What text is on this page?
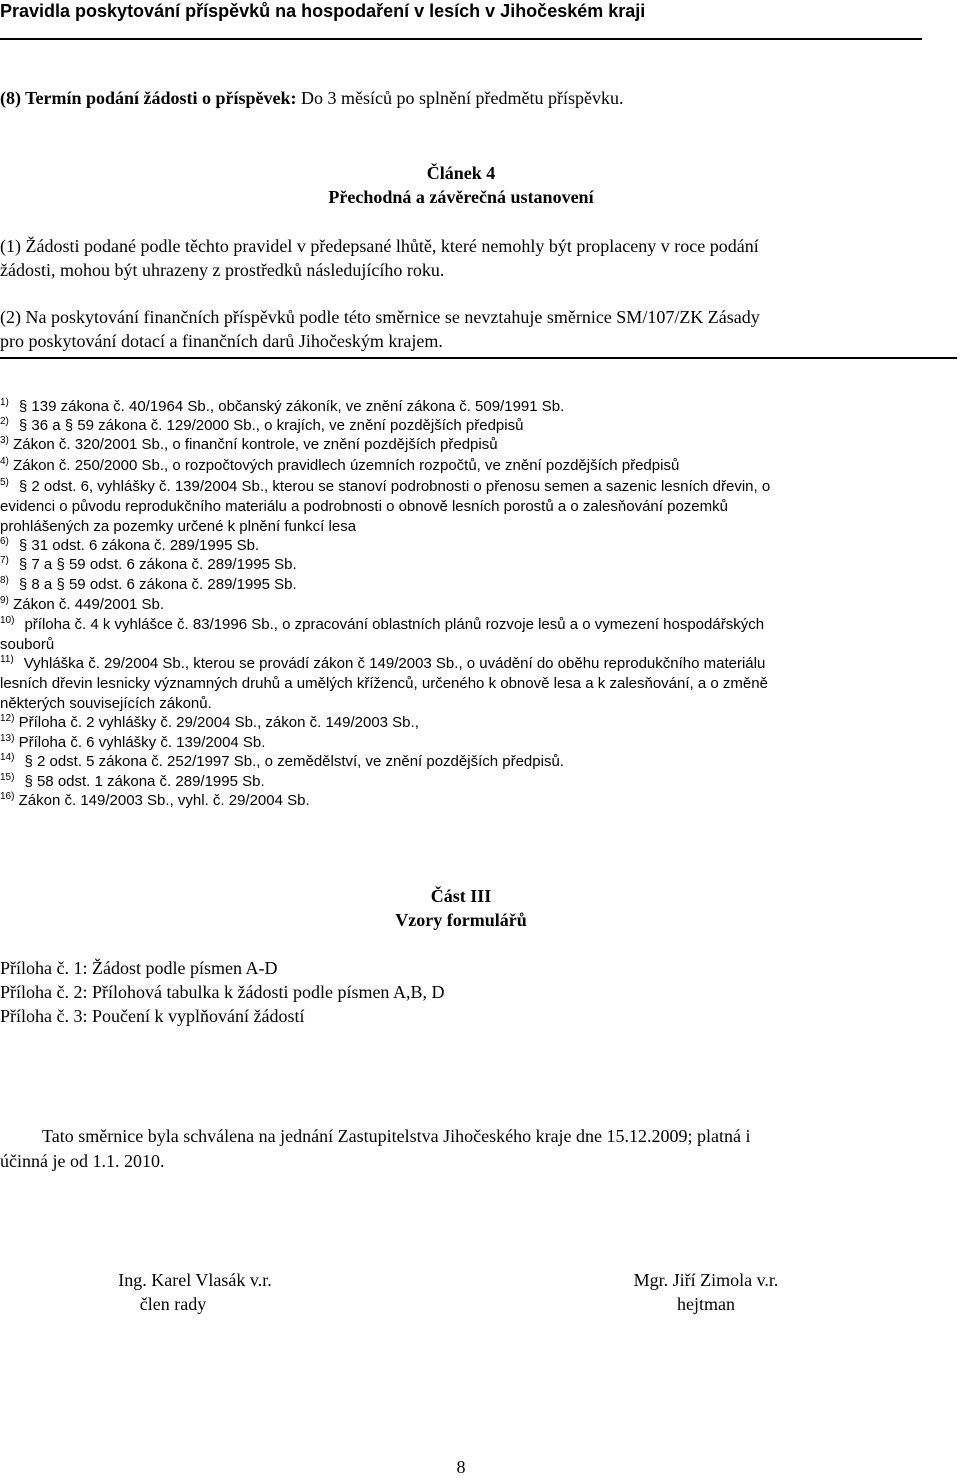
Pravidla poskytování příspěvků na hospodaření v lesích v Jihočeském kraji
(8) Termín podání žádosti o příspěvek: Do 3 měsíců po splnění předmětu příspěvku.
Článek 4
Přechodná a závěrečná ustanovení
(1) Žádosti podané podle těchto pravidel v předepsané lhůtě, které nemohly být proplaceny v roce podání
žádosti, mohou být uhrazeny z prostředků následujícího roku.
(2) Na poskytování finančních příspěvků podle této směrnice se nevztahuje směrnice SM/107/ZK Zásady
pro poskytování dotací a finančních darů Jihočeským krajem.
$^{1)}$ § 139 zákona č. 40/1964 Sb., občanský zákoník, ve znění zákona č. 509/1991 Sb.
$^{2)}$ § 36 a § 59 zákona č. 129/2000 Sb., o krajích, ve znění pozdějších předpisů
$^{3)}$ Zákon č. 320/2001 Sb., o finanční kontrole, ve znění pozdějších předpisů
$^{4)}$ Zákon č. 250/2000 Sb., o rozpočtových pravidlech územních rozpočtů, ve znění pozdějších předpisů
$^{5)}$ § 2 odst. 6, vyhlášky č. 139/2004 Sb., kterou se stanoví podrobnosti o přenosu semen a sazenic lesních dřevin, o
evidenci o původu reprodukčního materiálu a podrobnosti o obnově lesních porostů a o zalesňování pozemků
prohlášených za pozemky určené k plnění funkcí lesa
$^{6)}$ § 31 odst. 6 zákona č. 289/1995 Sb.
$^{7)}$ § 7 a § 59 odst. 6 zákona č. 289/1995 Sb.
$^{8)}$ § 8 a § 59 odst. 6 zákona č. 289/1995 Sb.
$^{9)}$ Zákon č. 449/2001 Sb.
$^{10)}$ příloha č. 4 k vyhlášce č. 83/1996 Sb., o zpracování oblastních plánů rozvoje lesů a o vymezení hospodářských
souborů
$^{11)}$ Vyhláška č. 29/2004 Sb., kterou se provádí zákon č 149/2003 Sb., o uvádění do oběhu reprodukčního materiálu
lesních dřevin lesnicky významných druhů a umělých kříženců, určeného k obnově lesa a k zalesňování, a o změně
některých souvisejících zákonů.
$^{12)}$ Příloha č. 2 vyhlášky č. 29/2004 Sb., zákon č. 149/2003 Sb.,
$^{13)}$ Příloha č. 6 vyhlášky č. 139/2004 Sb.
$^{14)}$ § 2 odst. 5 zákona č. 252/1997 Sb., o zemědělství, ve znění pozdějších předpisů.
$^{15)}$ § 58 odst. 1 zákona č. 289/1995 Sb.
$^{16)}$ Zákon č. 149/2003 Sb., vyhl. č. 29/2004 Sb.
Část III
Vzory formulářů
Příloha č. 1: Žádost podle písmen A-D
Příloha č. 2: Přílohová tabulka k žádosti podle písmen A,B, D
Příloha č. 3: Poučení k vyplňování žádostí
Tato směrnice byla schválena na jednání Zastupitelstva Jihočeského kraje dne 15.12.2009; platná i
účinná je od 1.1. 2010.
Ing. Karel Vlasák v.r.
člen rady
Mgr. Jiří Zimola v.r.
hejtman
8
